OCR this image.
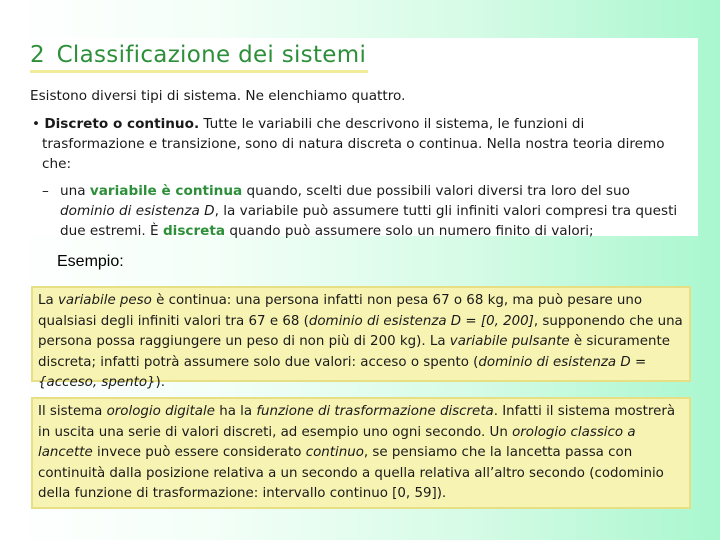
2 Classificazione dei sistemi

Esistono diversi tipi di sistema. Ne elenchiamo quattro.

• Discreto o continuo. Tutte le variabili che descrivono il sistema, le funzioni di trasformazione e transizione, sono di natura discreta o continua. Nella nostra teoria diremo che:

– una variabile è continua quando, scelti due possibili valori diversi tra loro del suo dominio di esistenza D, la variabile può assumere tutti gli infiniti valori compresi tra questi due estremi. È discreta quando può assumere solo un numero finito di valori;

Esempio:

La variabile peso è continua: una persona infatti non pesa 67 o 68 kg, ma può pesare uno qualsiasi degli infiniti valori tra 67 e 68 (dominio di esistenza D = [0, 200], supponendo che una persona possa raggiungere un peso di non più di 200 kg). La variabile pulsante è sicuramente discreta; infatti potrà assumere solo due valori: acceso o spento (dominio di esistenza D = {acceso, spento}).

Il sistema orologio digitale ha la funzione di trasformazione discreta. Infatti il sistema mostrerà in uscita una serie di valori discreti, ad esempio uno ogni secondo. Un orologio classico a lancette invece può essere considerato continuo, se pensiamo che la lancetta passa con continuità dalla posizione relativa a un secondo a quella relativa all’altro secondo (codominio della funzione di trasformazione: intervallo continuo [0, 59]).
